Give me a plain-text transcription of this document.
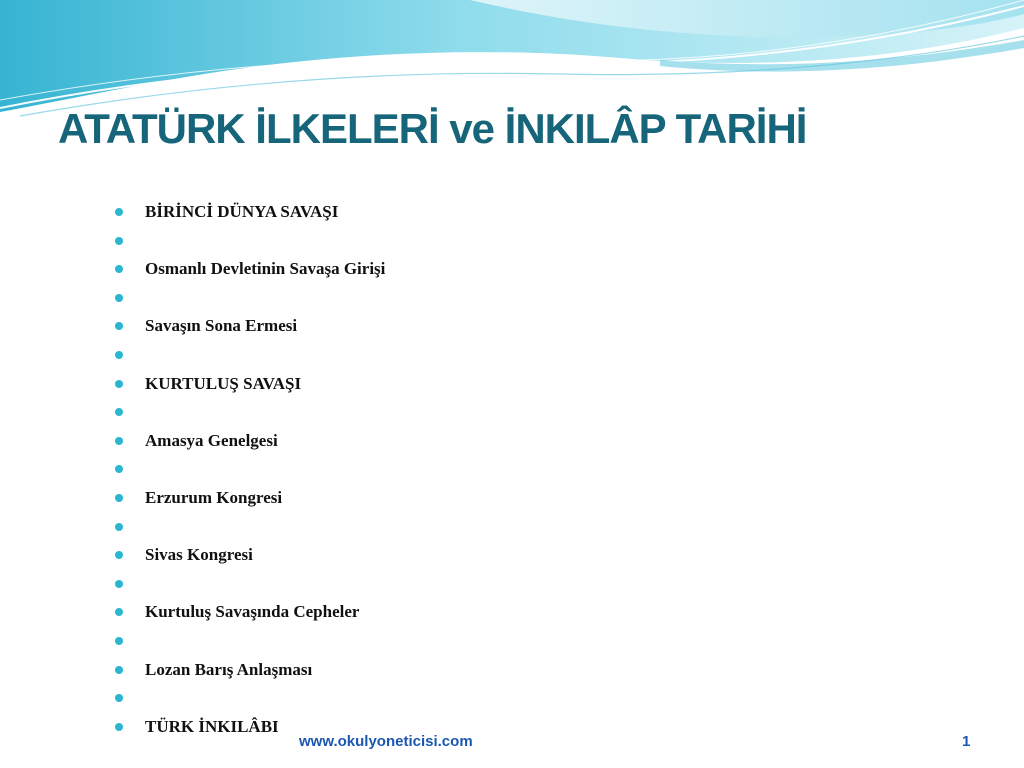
ATATÜRK İLKELERİ ve İNKILÂP TARİHİ
BİRİNCİ DÜNYA SAVAŞI
Osmanlı Devletinin Savaşa Girişi
Savaşın Sona Ermesi
KURTULUŞ SAVAŞI
Amasya Genelgesi
Erzurum Kongresi
Sivas Kongresi
Kurtuluş Savaşında Cepheler
Lozan Barış Anlaşması
TÜRK İNKILÂBI
www.okulyoneticisi.com	1
